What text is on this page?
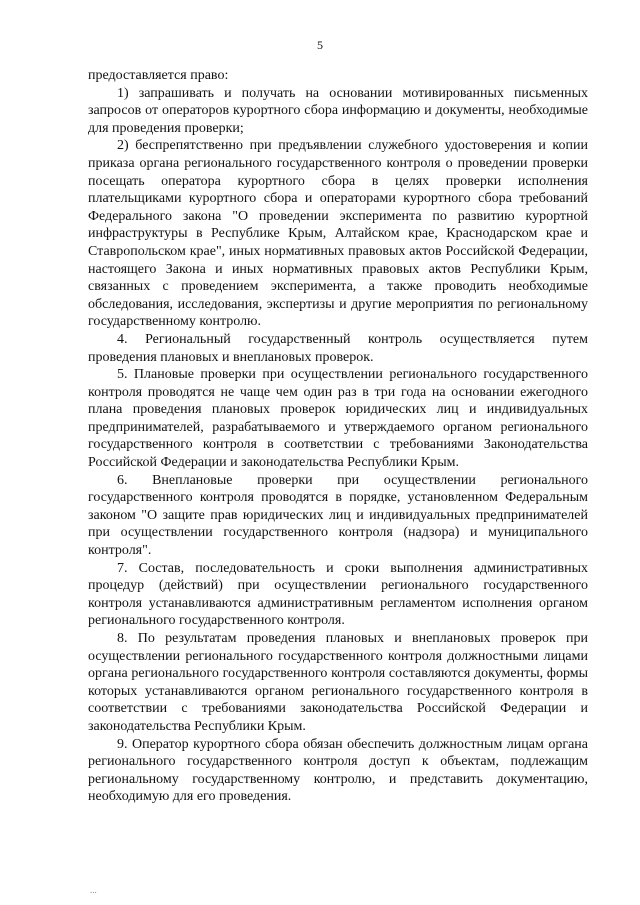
5

предоставляется право:

1) запрашивать и получать на основании мотивированных письменных запросов от операторов курортного сбора информацию и документы, необходимые для проведения проверки;

2) беспрепятственно при предъявлении служебного удостоверения и копии приказа органа регионального государственного контроля о проведении проверки посещать оператора курортного сбора в целях проверки исполнения плательщиками курортного сбора и операторами курортного сбора требований Федерального закона "О проведении эксперимента по развитию курортной инфраструктуры в Республике Крым, Алтайском крае, Краснодарском крае и Ставропольском крае", иных нормативных правовых актов Российской Федерации, настоящего Закона и иных нормативных правовых актов Республики Крым, связанных с проведением эксперимента, а также проводить необходимые обследования, исследования, экспертизы и другие мероприятия по региональному государственному контролю.

4. Региональный государственный контроль осуществляется путем проведения плановых и внеплановых проверок.

5. Плановые проверки при осуществлении регионального государственного контроля проводятся не чаще чем один раз в три года на основании ежегодного плана проведения плановых проверок юридических лиц и индивидуальных предпринимателей, разрабатываемого и утверждаемого органом регионального государственного контроля в соответствии с требованиями Законодательства Российской Федерации и законодательства Республики Крым.

6. Внеплановые проверки при осуществлении регионального государственного контроля проводятся в порядке, установленном Федеральным законом "О защите прав юридических лиц и индивидуальных предпринимателей при осуществлении государственного контроля (надзора) и муниципального контроля".

7. Состав, последовательность и сроки выполнения административных процедур (действий) при осуществлении регионального государственного контроля устанавливаются административным регламентом исполнения органом регионального государственного контроля.

8. По результатам проведения плановых и внеплановых проверок при осуществлении регионального государственного контроля должностными лицами органа регионального государственного контроля составляются документы, формы которых устанавливаются органом регионального государственного контроля в соответствии с требованиями законодательства Российской Федерации и законодательства Республики Крым.

9. Оператор курортного сбора обязан обеспечить должностным лицам органа регионального государственного контроля доступ к объектам, подлежащим региональному государственному контролю, и представить документацию, необходимую для его проведения.

...
